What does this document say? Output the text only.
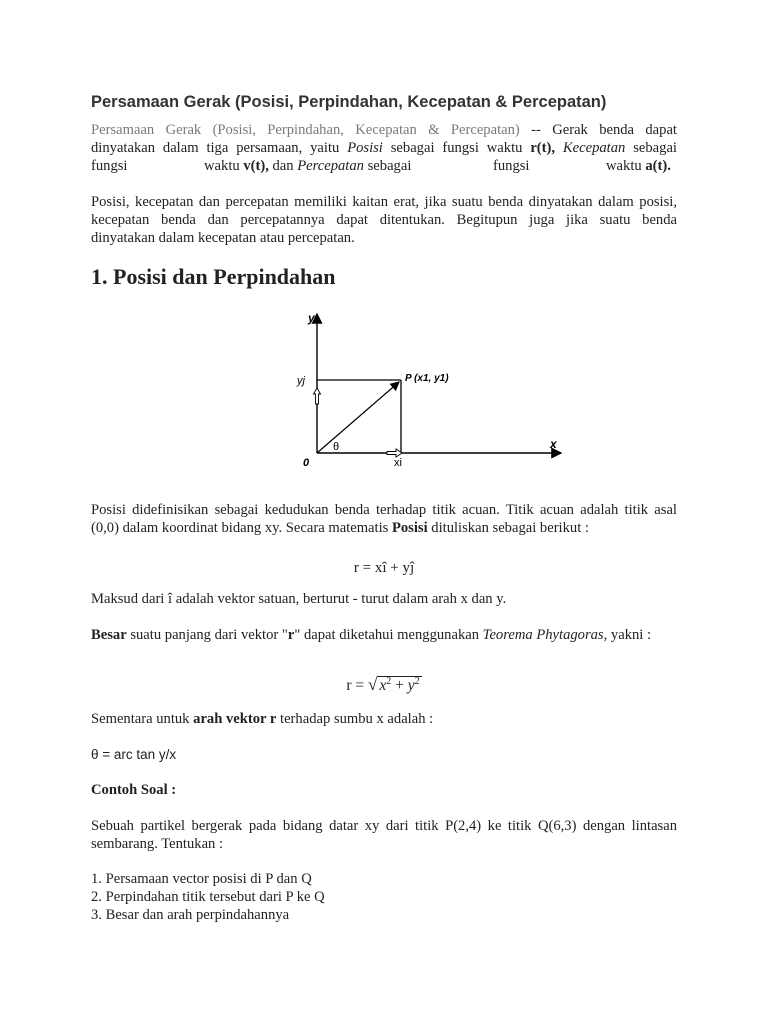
Persamaan Gerak (Posisi, Perpindahan, Kecepatan & Percepatan)
Persamaan Gerak (Posisi, Perpindahan, Kecepatan & Percepatan) -- Gerak benda dapat
dinyatakan dalam tiga persamaan, yaitu Posisi sebagai fungsi waktu r(t), Kecepatan sebagai
fungsi	waktu v(t), dan Percepatan sebagai	fungsi	waktu a(t).
Posisi, kecepatan dan percepatan memiliki kaitan erat, jika suatu benda dinyatakan dalam posisi,
kecepatan benda dan percepatannya dapat ditentukan. Begitupun juga jika suatu benda
dinyatakan dalam kecepatan atau percepatan.
1. Posisi dan Perpindahan
y
x
0
yj
xi
P (x1, y1)
θ
Posisi didefinisikan sebagai kedudukan benda terhadap titik acuan. Titik acuan adalah titik asal
(0,0) dalam koordinat bidang xy. Secara matematis Posisi dituliskan sebagai berikut :

r = xî + yĵ

Maksud dari î adalah vektor satuan, berturut - turut dalam arah x dan y.

Besar suatu panjang dari vektor "r" dapat diketahui menggunakan Teorema Phytagoras, yakni :

r = √ $x^2 + y^2$

Sementara untuk arah vektor r terhadap sumbu x adalah :

θ = arc tan y/x

Contoh Soal :

Sebuah partikel bergerak pada bidang datar xy dari titik P(2,4) ke titik Q(6,3) dengan lintasan
sembarang. Tentukan :
1. Persamaan vector posisi di P dan Q
2. Perpindahan titik tersebut dari P ke Q
3. Besar dan arah perpindahannya
